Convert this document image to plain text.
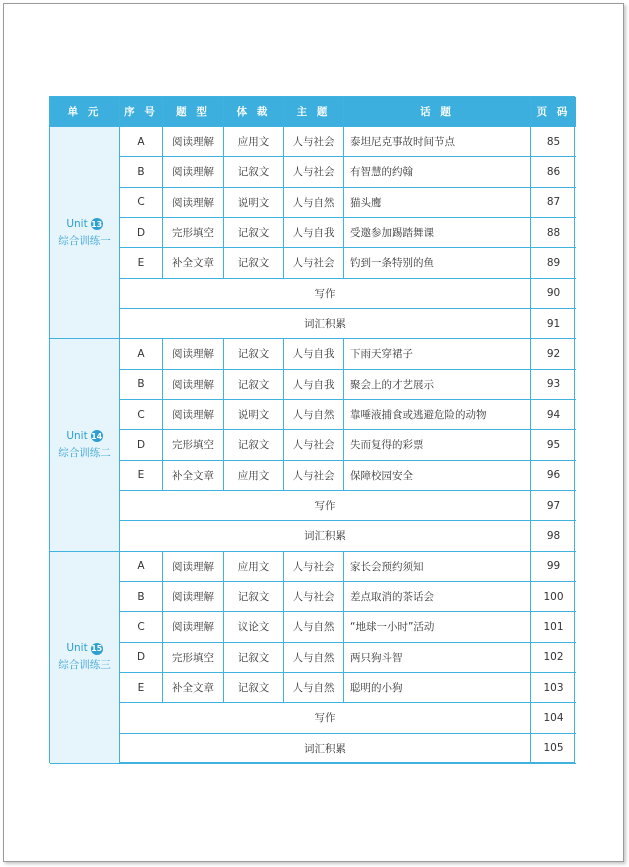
单 元	序 号	题 型	体 裁	主 题	话 题	页 码
Unit 13
综合训练一
A	阅读理解	应用文	人与社会	泰坦尼克事故时间节点	85
B	阅读理解	记叙文	人与社会	有智慧的约翰	86
C	阅读理解	说明文	人与自然	猫头鹰	87
D	完形填空	记叙文	人与自我	受邀参加踢踏舞课	88
E	补全文章	记叙文	人与社会	钓到一条特别的鱼	89
写作	90
词汇积累	91
Unit 14
综合训练二
A	阅读理解	记叙文	人与自我	下雨天穿裙子	92
B	阅读理解	记叙文	人与自我	聚会上的才艺展示	93
C	阅读理解	说明文	人与自然	靠唾液捕食或逃避危险的动物	94
D	完形填空	记叙文	人与社会	失而复得的彩票	95
E	补全文章	应用文	人与社会	保障校园安全	96
写作	97
词汇积累	98
Unit 15
综合训练三
A	阅读理解	应用文	人与社会	家长会预约须知	99
B	阅读理解	记叙文	人与社会	差点取消的茶话会	100
C	阅读理解	议论文	人与自然	“地球一小时”活动	101
D	完形填空	记叙文	人与自然	两只狗斗智	102
E	补全文章	记叙文	人与自然	聪明的小狗	103
写作	104
词汇积累	105
